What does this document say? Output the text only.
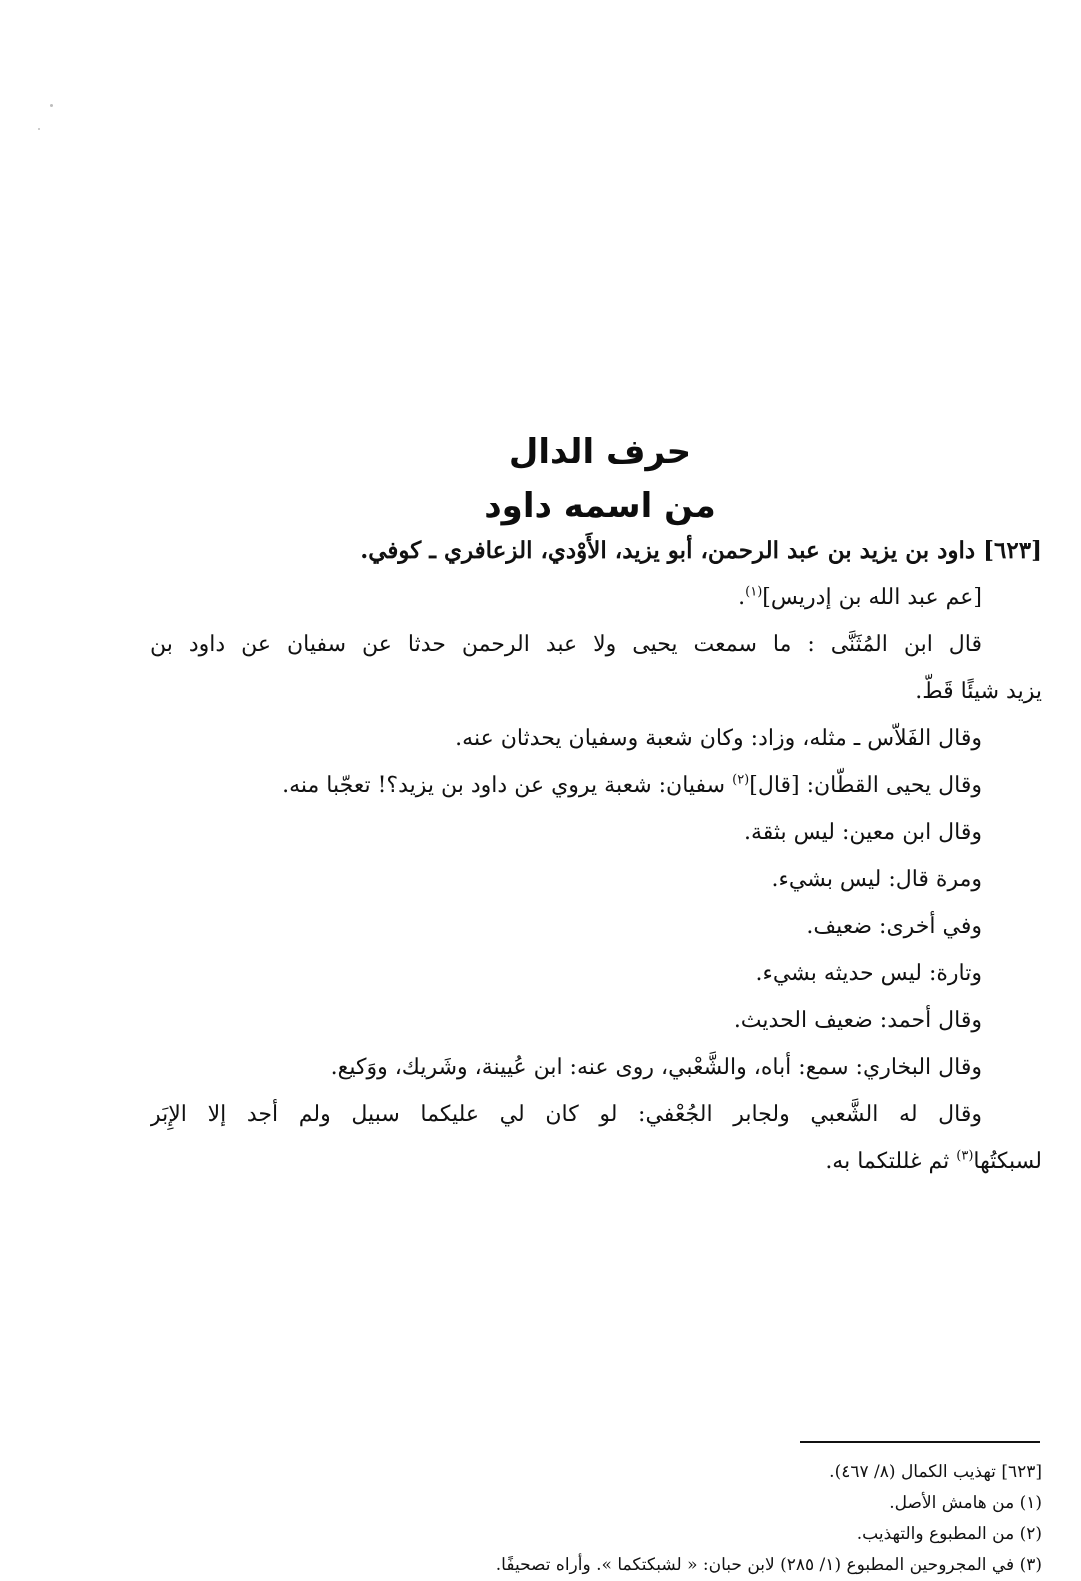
حرف الدال
من اسمه داود

[٦٢٣] داود بن يزيد بن عبد الرحمن، أبو يزيد، الأَوْدي، الزعافري ـ كوفي.

[عم عبد الله بن إدريس]$^{(١)}$.

قال ابن المُثَنَّى : ما سمعت يحيى ولا عبد الرحمن حدثا عن سفيان عن داود بن

يزيد شيئًا قَطّ.

وقال الفَلاّس ـ مثله، وزاد: وكان شعبة وسفيان يحدثان عنه.

وقال يحيى القطّان: [قال]$^{(٢)}$ سفيان: شعبة يروي عن داود بن يزيد؟! تعجّبا منه.

وقال ابن معين: ليس بثقة.

ومرة قال: ليس بشيء.

وفي أخرى: ضعيف.

وتارة: ليس حديثه بشيء.

وقال أحمد: ضعيف الحديث.

وقال البخاري: سمع: أباه، والشَّعْبي، روى عنه: ابن عُيينة، وشَريك، ووَكيع.

وقال له الشَّعبي ولجابر الجُعْفي: لو كان لي عليكما سبيل ولم أجد إلا الإِبَر

لسبكتُها$^{(٣)}$ ثم غللتكما به.

[٦٢٣] تهذيب الكمال (٨/ ٤٦٧).

(١) من هامش الأصل.

(٢) من المطبوع والتهذيب.

(٣) في المجروحين المطبوع (١/ ٢٨٥) لابن حبان: « لشبكتكما ». وأراه تصحيفًا.
